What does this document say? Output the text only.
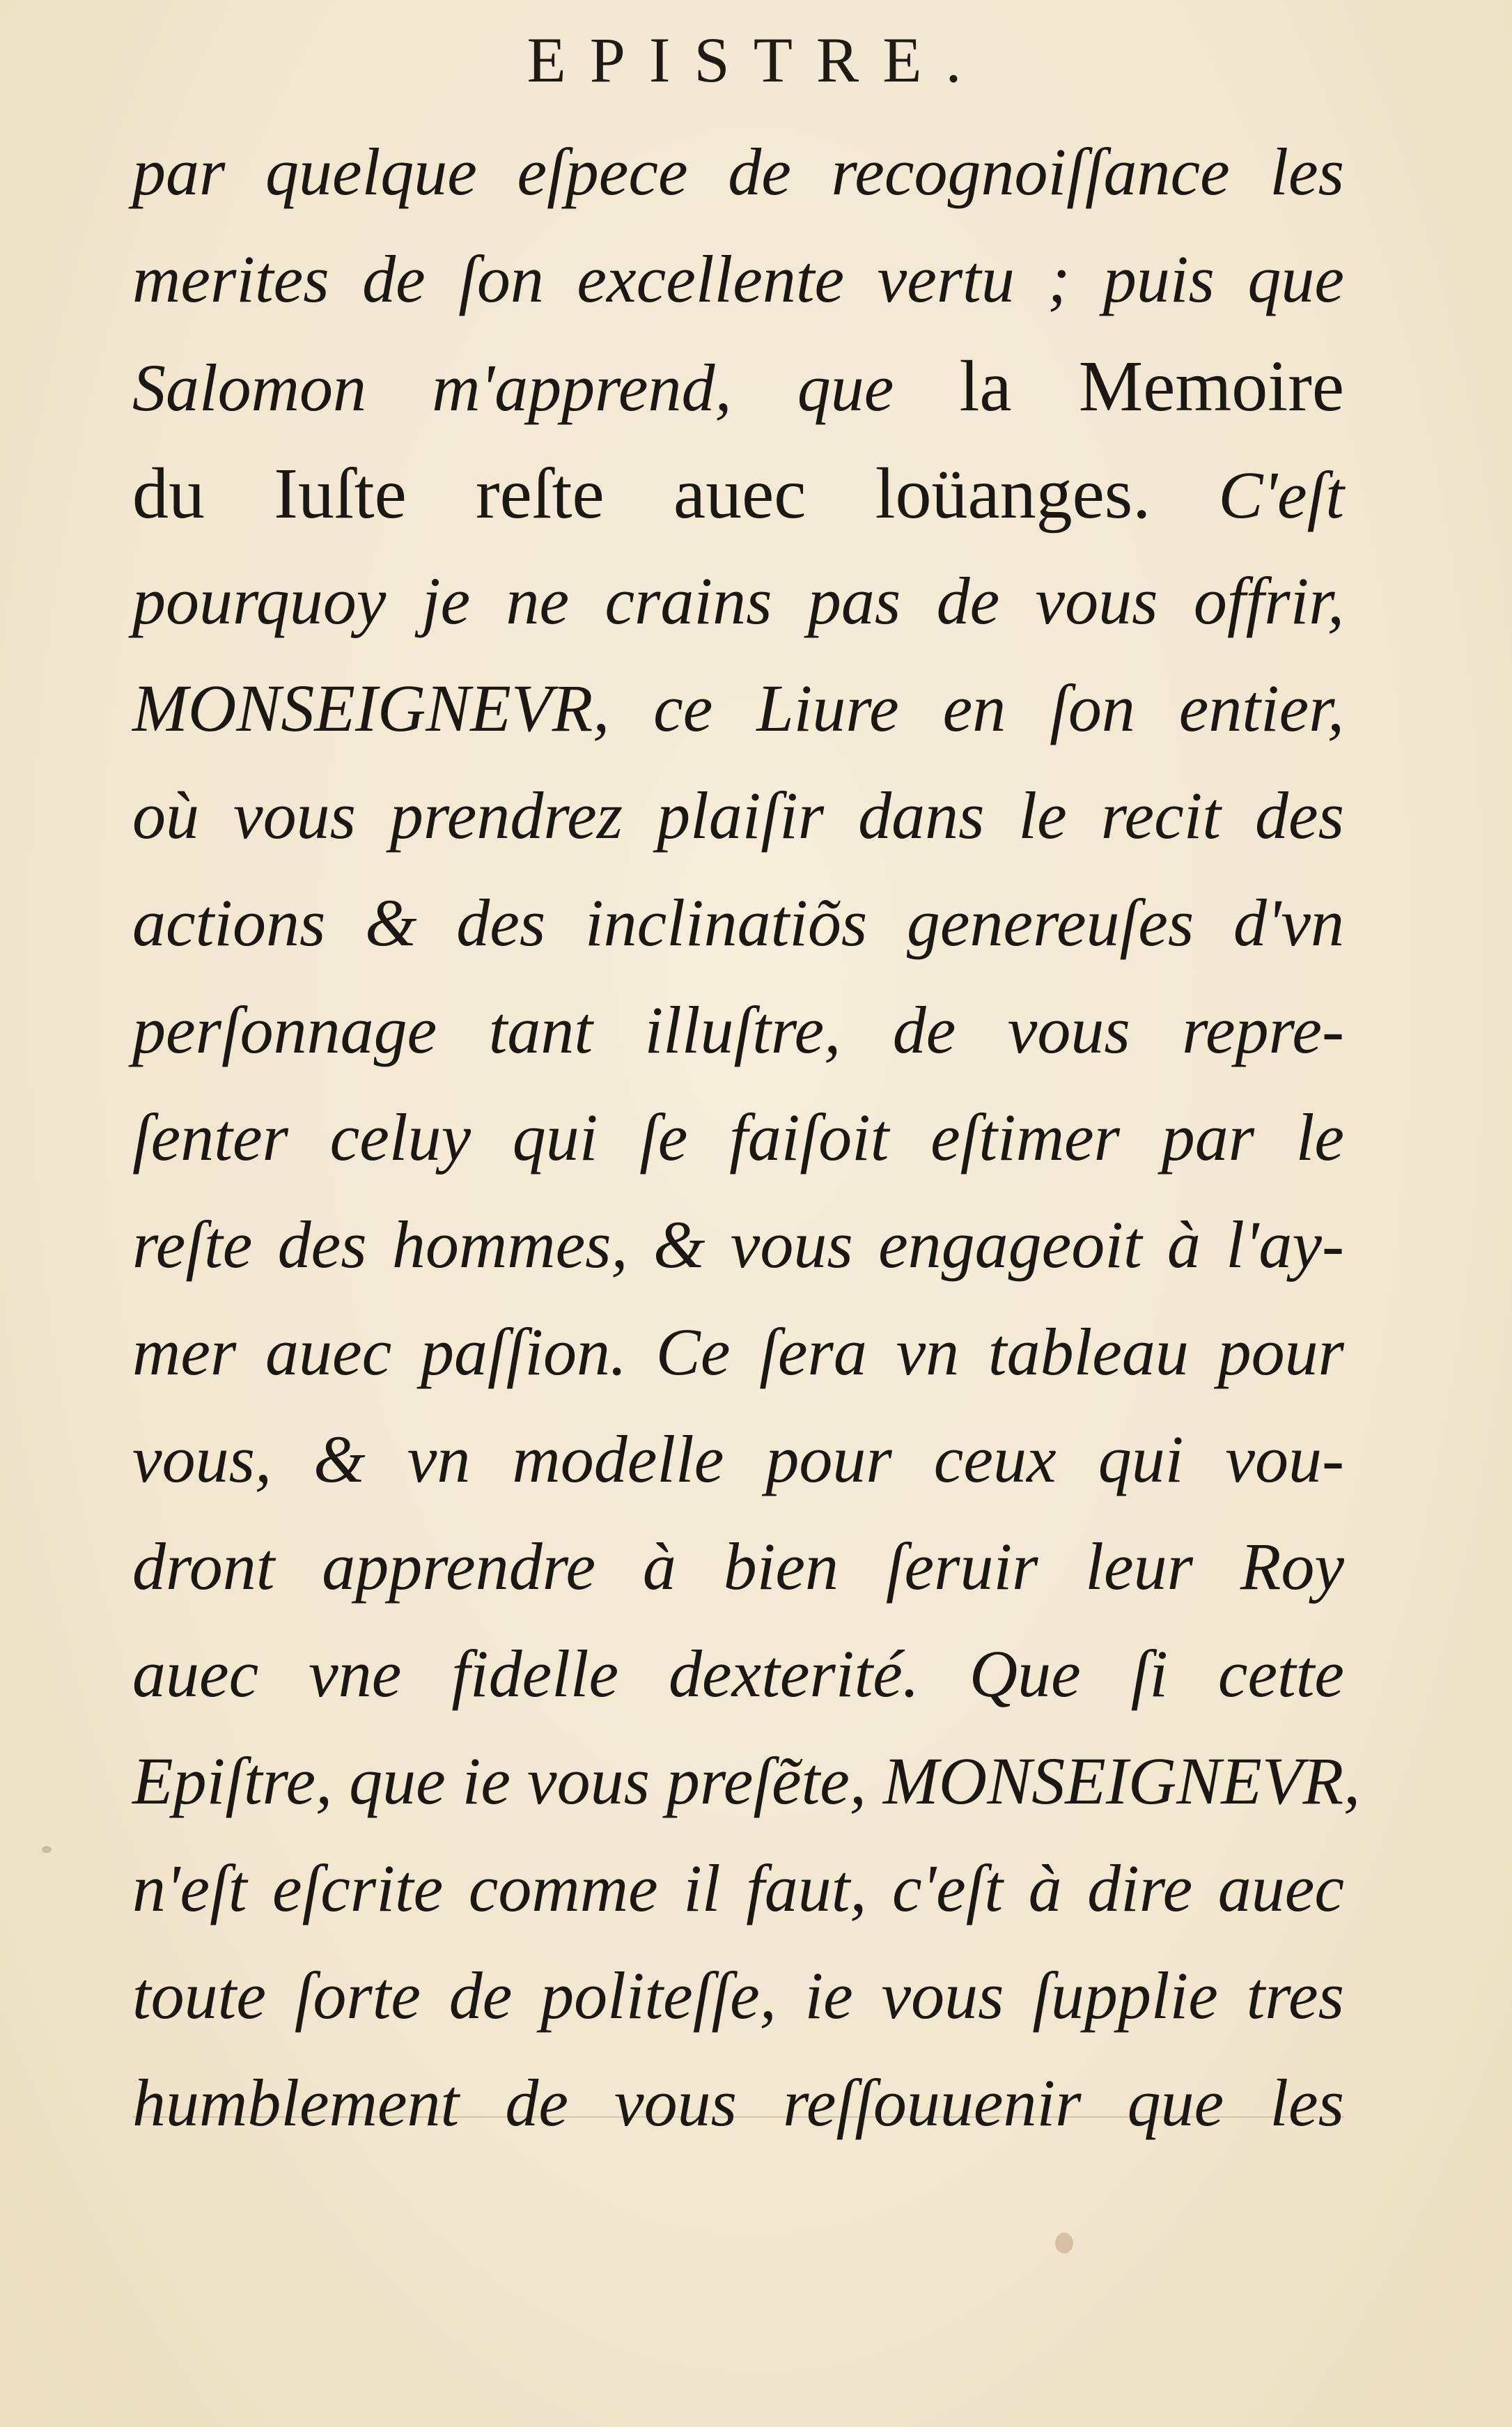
EPISTRE.
par quelque eſpece de recognoiſſance les
merites de ſon excellente vertu ; puis que
Salomon m'apprend, que la Memoire
du Iuſte reſte auec loüanges. C'eſt
pourquoy je ne crains pas de vous offrir,
MONSEIGNEVR, ce Liure en ſon entier,
où vous prendrez plaiſir dans le recit des
actions & des inclinatiõs genereuſes d'vn
perſonnage tant illuſtre, de vous repre-
ſenter celuy qui ſe faiſoit eſtimer par le
reſte des hommes, & vous engageoit à l'ay-
mer auec paſſion. Ce ſera vn tableau pour
vous, & vn modelle pour ceux qui vou-
dront apprendre à bien ſeruir leur Roy
auec vne fidelle dexterité. Que ſi cette
Epiſtre, que ie vous preſẽte, MONSEIGNEVR,
n'eſt eſcrite comme il faut, c'eſt à dire auec
toute ſorte de politeſſe, ie vous ſupplie tres
humblement de vous reſſouuenir que les
